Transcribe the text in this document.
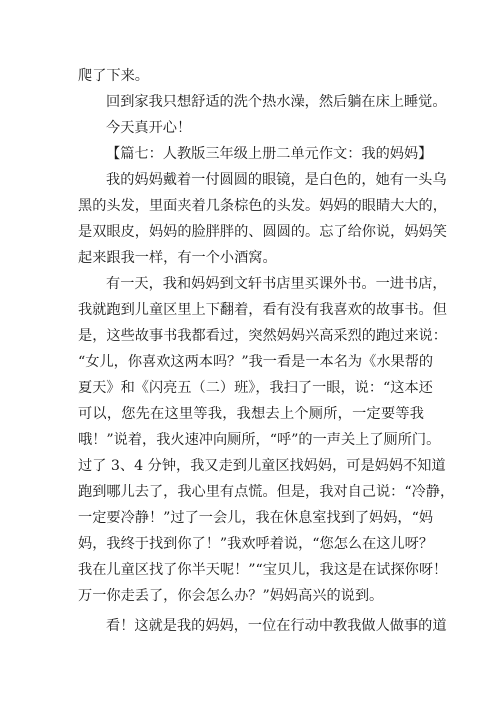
爬了下来。
回到家我只想舒适的洗个热水澡，然后躺在床上睡觉。
今天真开心！
【篇七：人教版三年级上册二单元作文：我的妈妈】
我的妈妈戴着一付圆圆的眼镜，是白色的，她有一头乌
黑的头发，里面夹着几条棕色的头发。妈妈的眼睛大大的，
是双眼皮，妈妈的脸胖胖的、圆圆的。忘了给你说，妈妈笑
起来跟我一样，有一个小酒窝。
有一天，我和妈妈到文轩书店里买课外书。一进书店，
我就跑到儿童区里上下翻着，看有没有我喜欢的故事书。但
是，这些故事书我都看过，突然妈妈兴高采烈的跑过来说：
“女儿，你喜欢这两本吗？”我一看是一本名为《水果帮的
夏天》和《闪亮五（二）班》，我扫了一眼，说：“这本还
可以，您先在这里等我，我想去上个厕所，一定要等我
哦！”说着，我火速冲向厕所，“呼”的一声关上了厕所门。
过了 3、4 分钟，我又走到儿童区找妈妈，可是妈妈不知道
跑到哪儿去了，我心里有点慌。但是，我对自己说：“冷静，
一定要冷静！”过了一会儿，我在休息室找到了妈妈，“妈
妈，我终于找到你了！”我欢呼着说，“您怎么在这儿呀？
我在儿童区找了你半天呢！”“宝贝儿，我这是在试探你呀！
万一你走丢了，你会怎么办？”妈妈高兴的说到。
看！这就是我的妈妈，一位在行动中教我做人做事的道
